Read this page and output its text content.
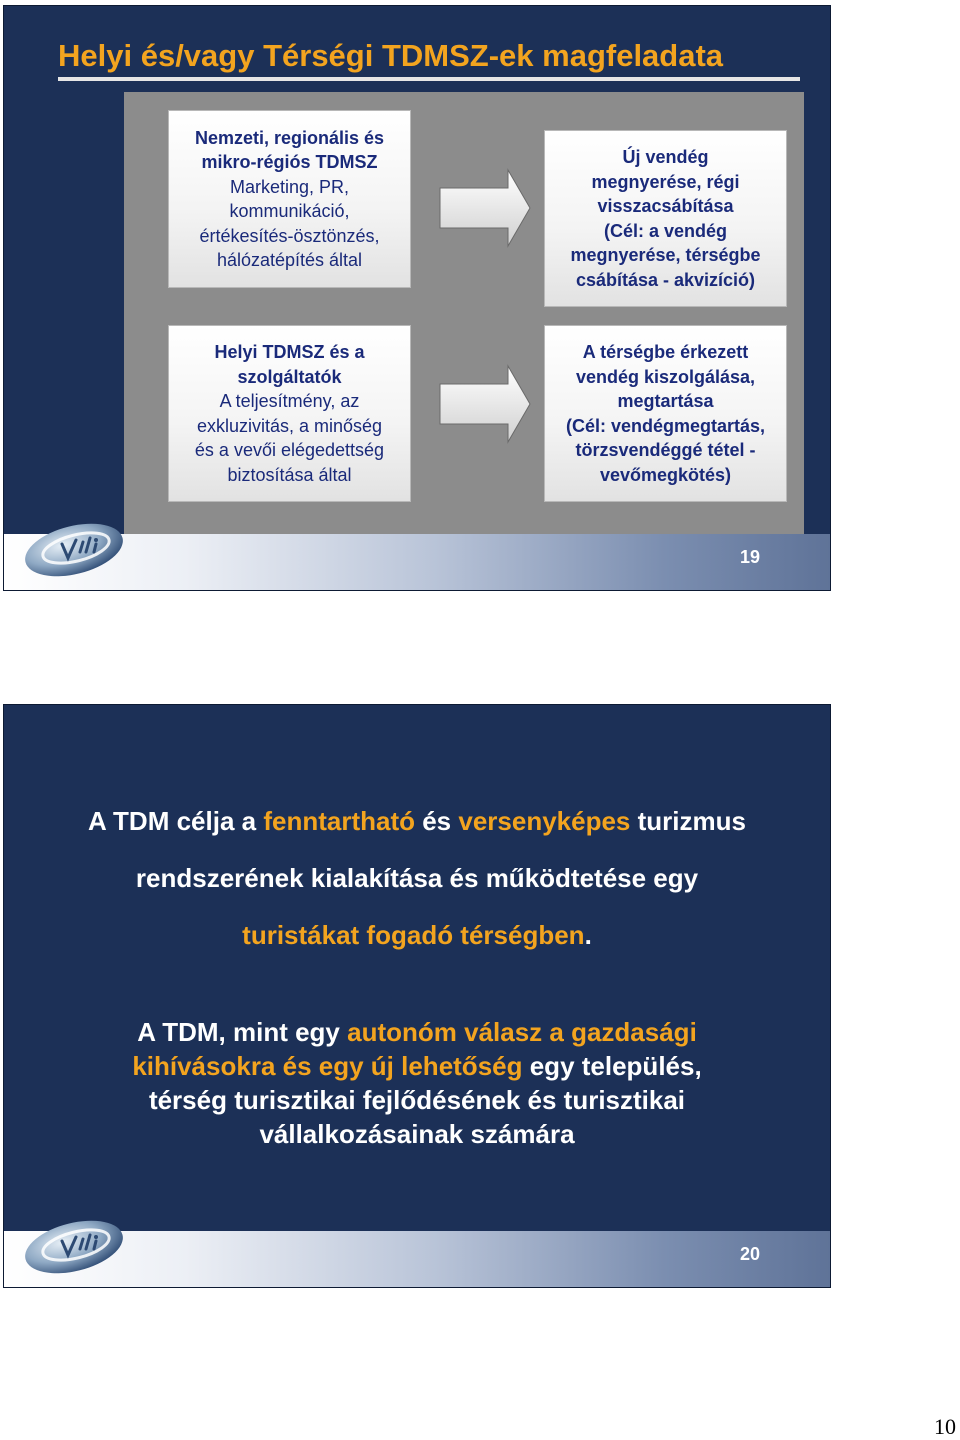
Helyi és/vagy Térségi TDMSZ-ek magfeladata
Nemzeti, regionális és
mikro-régiós TDMSZ
Marketing, PR,
kommunikáció,
értékesítés-ösztönzés,
hálózatépítés által
Új vendég
megnyerése, régi
visszacsábítása
(Cél: a vendég
megnyerése, térségbe
csábítása - akvizíció)
Helyi TDMSZ és a
szolgáltatók
A teljesítmény, az
exkluzivitás, a minőség
és a vevői elégedettség
biztosítása által
A térségbe érkezett
vendég kiszolgálása,
megtartása
(Cél: vendégmegtartás,
törzsvendéggé tétel -
vevőmegkötés)
19

A TDM célja a fenntartható és versenyképes turizmus
rendszerének kialakítása és működtetése egy
turistákat fogadó térségben.

A TDM, mint egy autonóm válasz a gazdasági
kihívásokra és egy új lehetőség egy település,
térség turisztikai fejlődésének és turisztikai
vállalkozásainak számára

20
10
